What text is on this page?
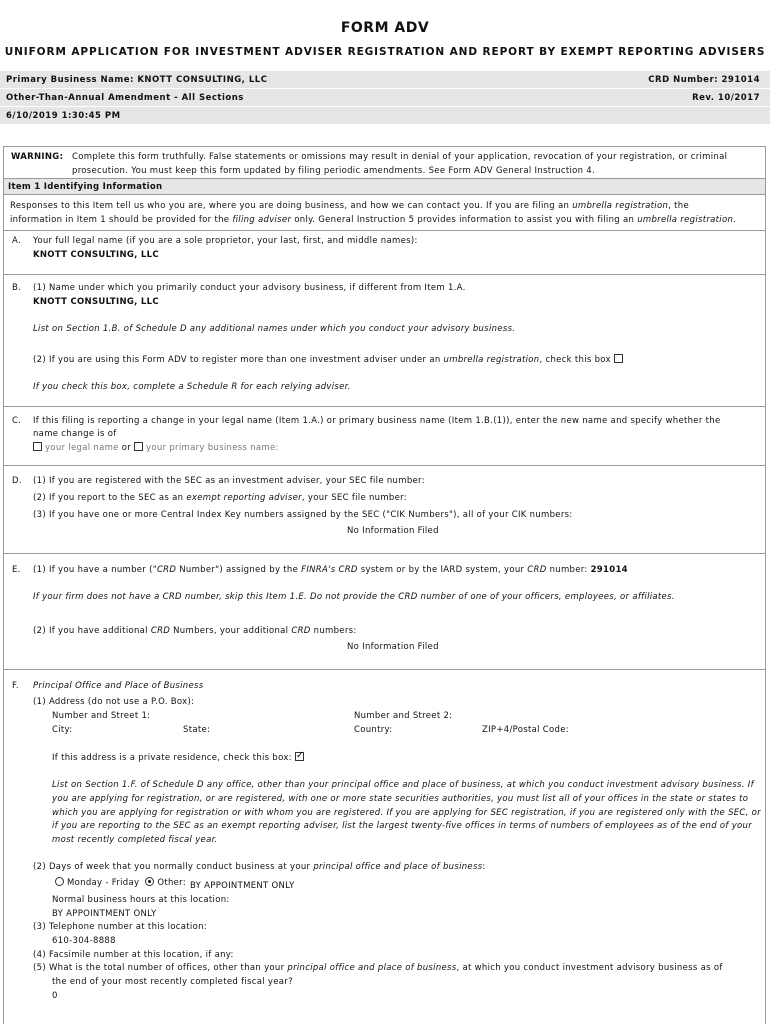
FORM ADV
UNIFORM APPLICATION FOR INVESTMENT ADVISER REGISTRATION AND REPORT BY EXEMPT REPORTING ADVISERS
Primary Business Name: KNOTT CONSULTING, LLC	CRD Number: 291014
Other-Than-Annual Amendment - All Sections	Rev. 10/2017
6/10/2019 1:30:45 PM
WARNING: Complete this form truthfully. False statements or omissions may result in denial of your application, revocation of your registration, or criminal
prosecution. You must keep this form updated by filing periodic amendments. See Form ADV General Instruction 4.
Item 1 Identifying Information
Responses to this Item tell us who you are, where you are doing business, and how we can contact you. If you are filing an umbrella registration, the
information in Item 1 should be provided for the filing adviser only. General Instruction 5 provides information to assist you with filing an umbrella registration.
A. Your full legal name (if you are a sole proprietor, your last, first, and middle names):
KNOTT CONSULTING, LLC
B. (1) Name under which you primarily conduct your advisory business, if different from Item 1.A.
KNOTT CONSULTING, LLC
List on Section 1.B. of Schedule D any additional names under which you conduct your advisory business.
(2) If you are using this Form ADV to register more than one investment adviser under an umbrella registration, check this box
If you check this box, complete a Schedule R for each relying adviser.
C. If this filing is reporting a change in your legal name (Item 1.A.) or primary business name (Item 1.B.(1)), enter the new name and specify whether the
name change is of
your legal name or your primary business name:
D. (1) If you are registered with the SEC as an investment adviser, your SEC file number:
(2) If you report to the SEC as an exempt reporting adviser, your SEC file number:
(3) If you have one or more Central Index Key numbers assigned by the SEC ("CIK Numbers"), all of your CIK numbers:
No Information Filed
E. (1) If you have a number ("CRD Number") assigned by the FINRA's CRD system or by the IARD system, your CRD number: 291014
If your firm does not have a CRD number, skip this Item 1.E. Do not provide the CRD number of one of your officers, employees, or affiliates.
(2) If you have additional CRD Numbers, your additional CRD numbers:
No Information Filed
F. Principal Office and Place of Business
(1) Address (do not use a P.O. Box):
Number and Street 1:	Number and Street 2:
City:	State:	Country:	ZIP+4/Postal Code:
If this address is a private residence, check this box: ✓
List on Section 1.F. of Schedule D any office, other than your principal office and place of business, at which you conduct investment advisory business. If
you are applying for registration, or are registered, with one or more state securities authorities, you must list all of your offices in the state or states to
which you are applying for registration or with whom you are registered. If you are applying for SEC registration, if you are registered only with the SEC, or
if you are reporting to the SEC as an exempt reporting adviser, list the largest twenty-five offices in terms of numbers of employees as of the end of your
most recently completed fiscal year.
(2) Days of week that you normally conduct business at your principal office and place of business:
Monday - Friday Other: BY APPOINTMENT ONLY
Normal business hours at this location:
BY APPOINTMENT ONLY
(3) Telephone number at this location:
610-304-8888
(4) Facsimile number at this location, if any:
(5) What is the total number of offices, other than your principal office and place of business, at which you conduct investment advisory business as of
the end of your most recently completed fiscal year?
0
